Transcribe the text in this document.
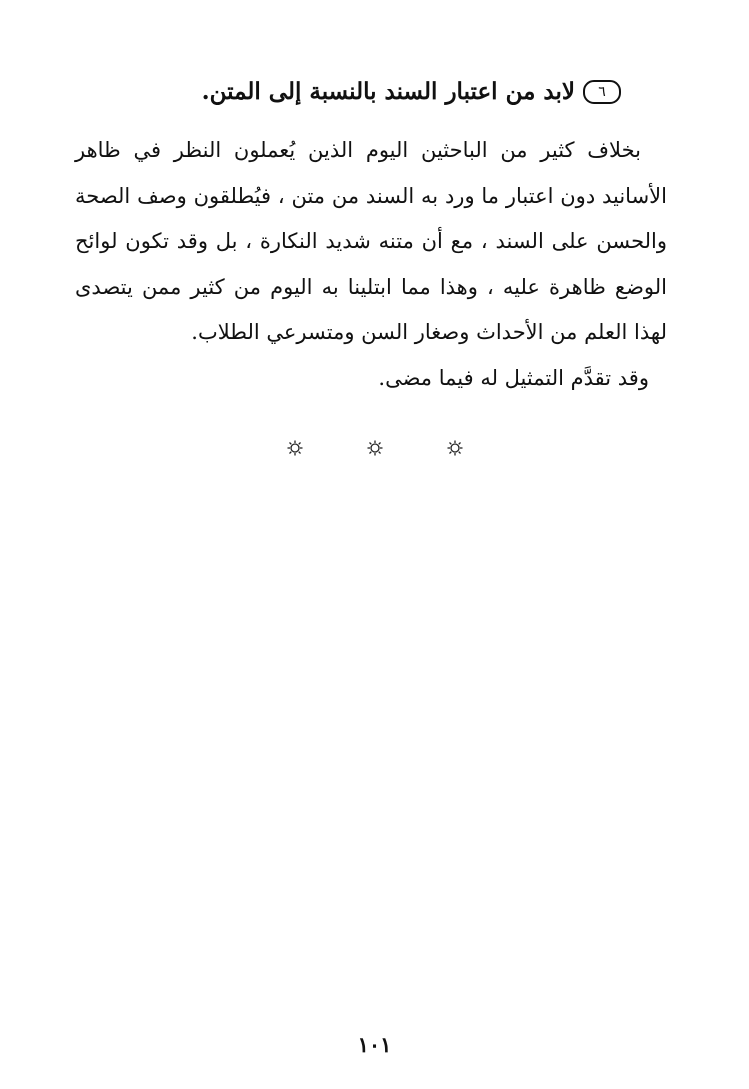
٦
لابد من اعتبار السند بالنسبة إلى المتن.

بخلاف كثير من الباحثين اليوم الذين يُعملون النظر في ظاهر الأسانيد دون اعتبار ما ورد به السند من متن ، فيُطلقون وصف الصحة والحسن على السند ، مع أن متنه شديد النكارة ، بل وقد تكون لوائح الوضع ظاهرة عليه ، وهذا مما ابتلينا به اليوم من كثير ممن يتصدى لهذا العلم من الأحداث وصغار السن ومتسرعي الطلاب.

وقد تقدَّم التمثيل له فيما مضى.

١٠١
